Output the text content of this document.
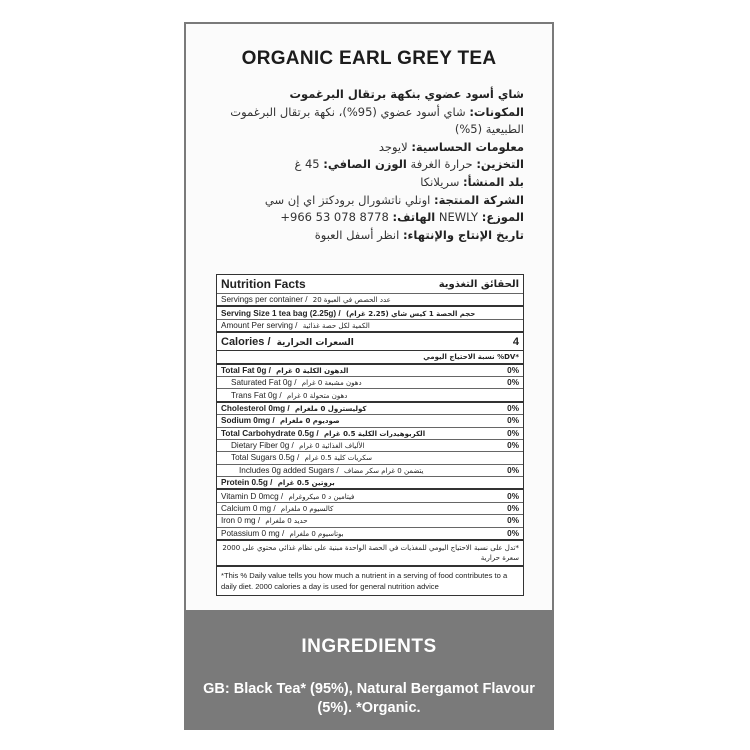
ORGANIC EARL GREY TEA

شاي أسود عضوي بنكهة برتقال البرغموت

المكونات: شاي أسود عضوي (95%)، نكهة برتقال البرغموت الطبيعية (5%)

معلومات الحساسية: لايوجد

التخزين: حرارة الغرفة الوزن الصافي: 45 غ

بلد المنشأ: سريلانكا

الشركة المنتجة: اونلي ناتشورال برودكتز اي إن سي

الموزع: NEWLY الهاتف: +966 53 078 8778

تاريخ الإنتاج والإنتهاء: انظر أسفل العبوة

Nutrition Facts	الحقائق التغذوية
Servings per container / 20 عدد الحصص في العبوة
Serving Size 1 tea bag (2.25g) / حجم الحصة 1 كيس شاي (2.25 غرام)
Amount Per serving / الكمية لكل حصة غذائية
Calories / السعرات الحرارية	4
نسبة الاحتياج اليومي %DV*
Total Fat 0g / الدهون الكلية 0 غرام	0%
Saturated Fat 0g / دهون مشبعة 0 غرام	0%
Trans Fat 0g / دهون متحولة 0 غرام
Cholesterol 0mg / كوليسترول 0 ملغرام	0%
Sodium 0mg / صوديوم 0 ملغرام	0%
Total Carbohydrate 0.5g / الكربوهيدرات الكلية 0.5 غرام	0%
Dietary Fiber 0g / الألياف الغذائية 0 غرام	0%
Total Sugars 0.5g / سكريات كلية 0.5 غرام
Includes 0g added Sugars / يتضمن 0 غرام سكر مضاف	0%
Protein 0.5g / بروتين 0.5 غرام
Vitamin D 0mcg / فيتامين د 0 ميكروغرام	0%
Calcium 0 mg / كالسيوم 0 ملغرام	0%
Iron 0 mg / حديد 0 ملغرام	0%
Potassium 0 mg / بوتاسيوم 0 ملغرام	0%
*تدل على نسبة الاحتياج اليومي للمغذيات في الحصة الواحدة مبنية على نظام غذائي محتوي على 2000 سعرة حرارية
*This % Daily value tells you how much a nutrient in a serving of food contributes to a daily diet. 2000 calories a day is used for general nutrition advice
INGREDIENTS
GB: Black Tea* (95%), Natural Bergamot Flavour (5%). *Organic.
